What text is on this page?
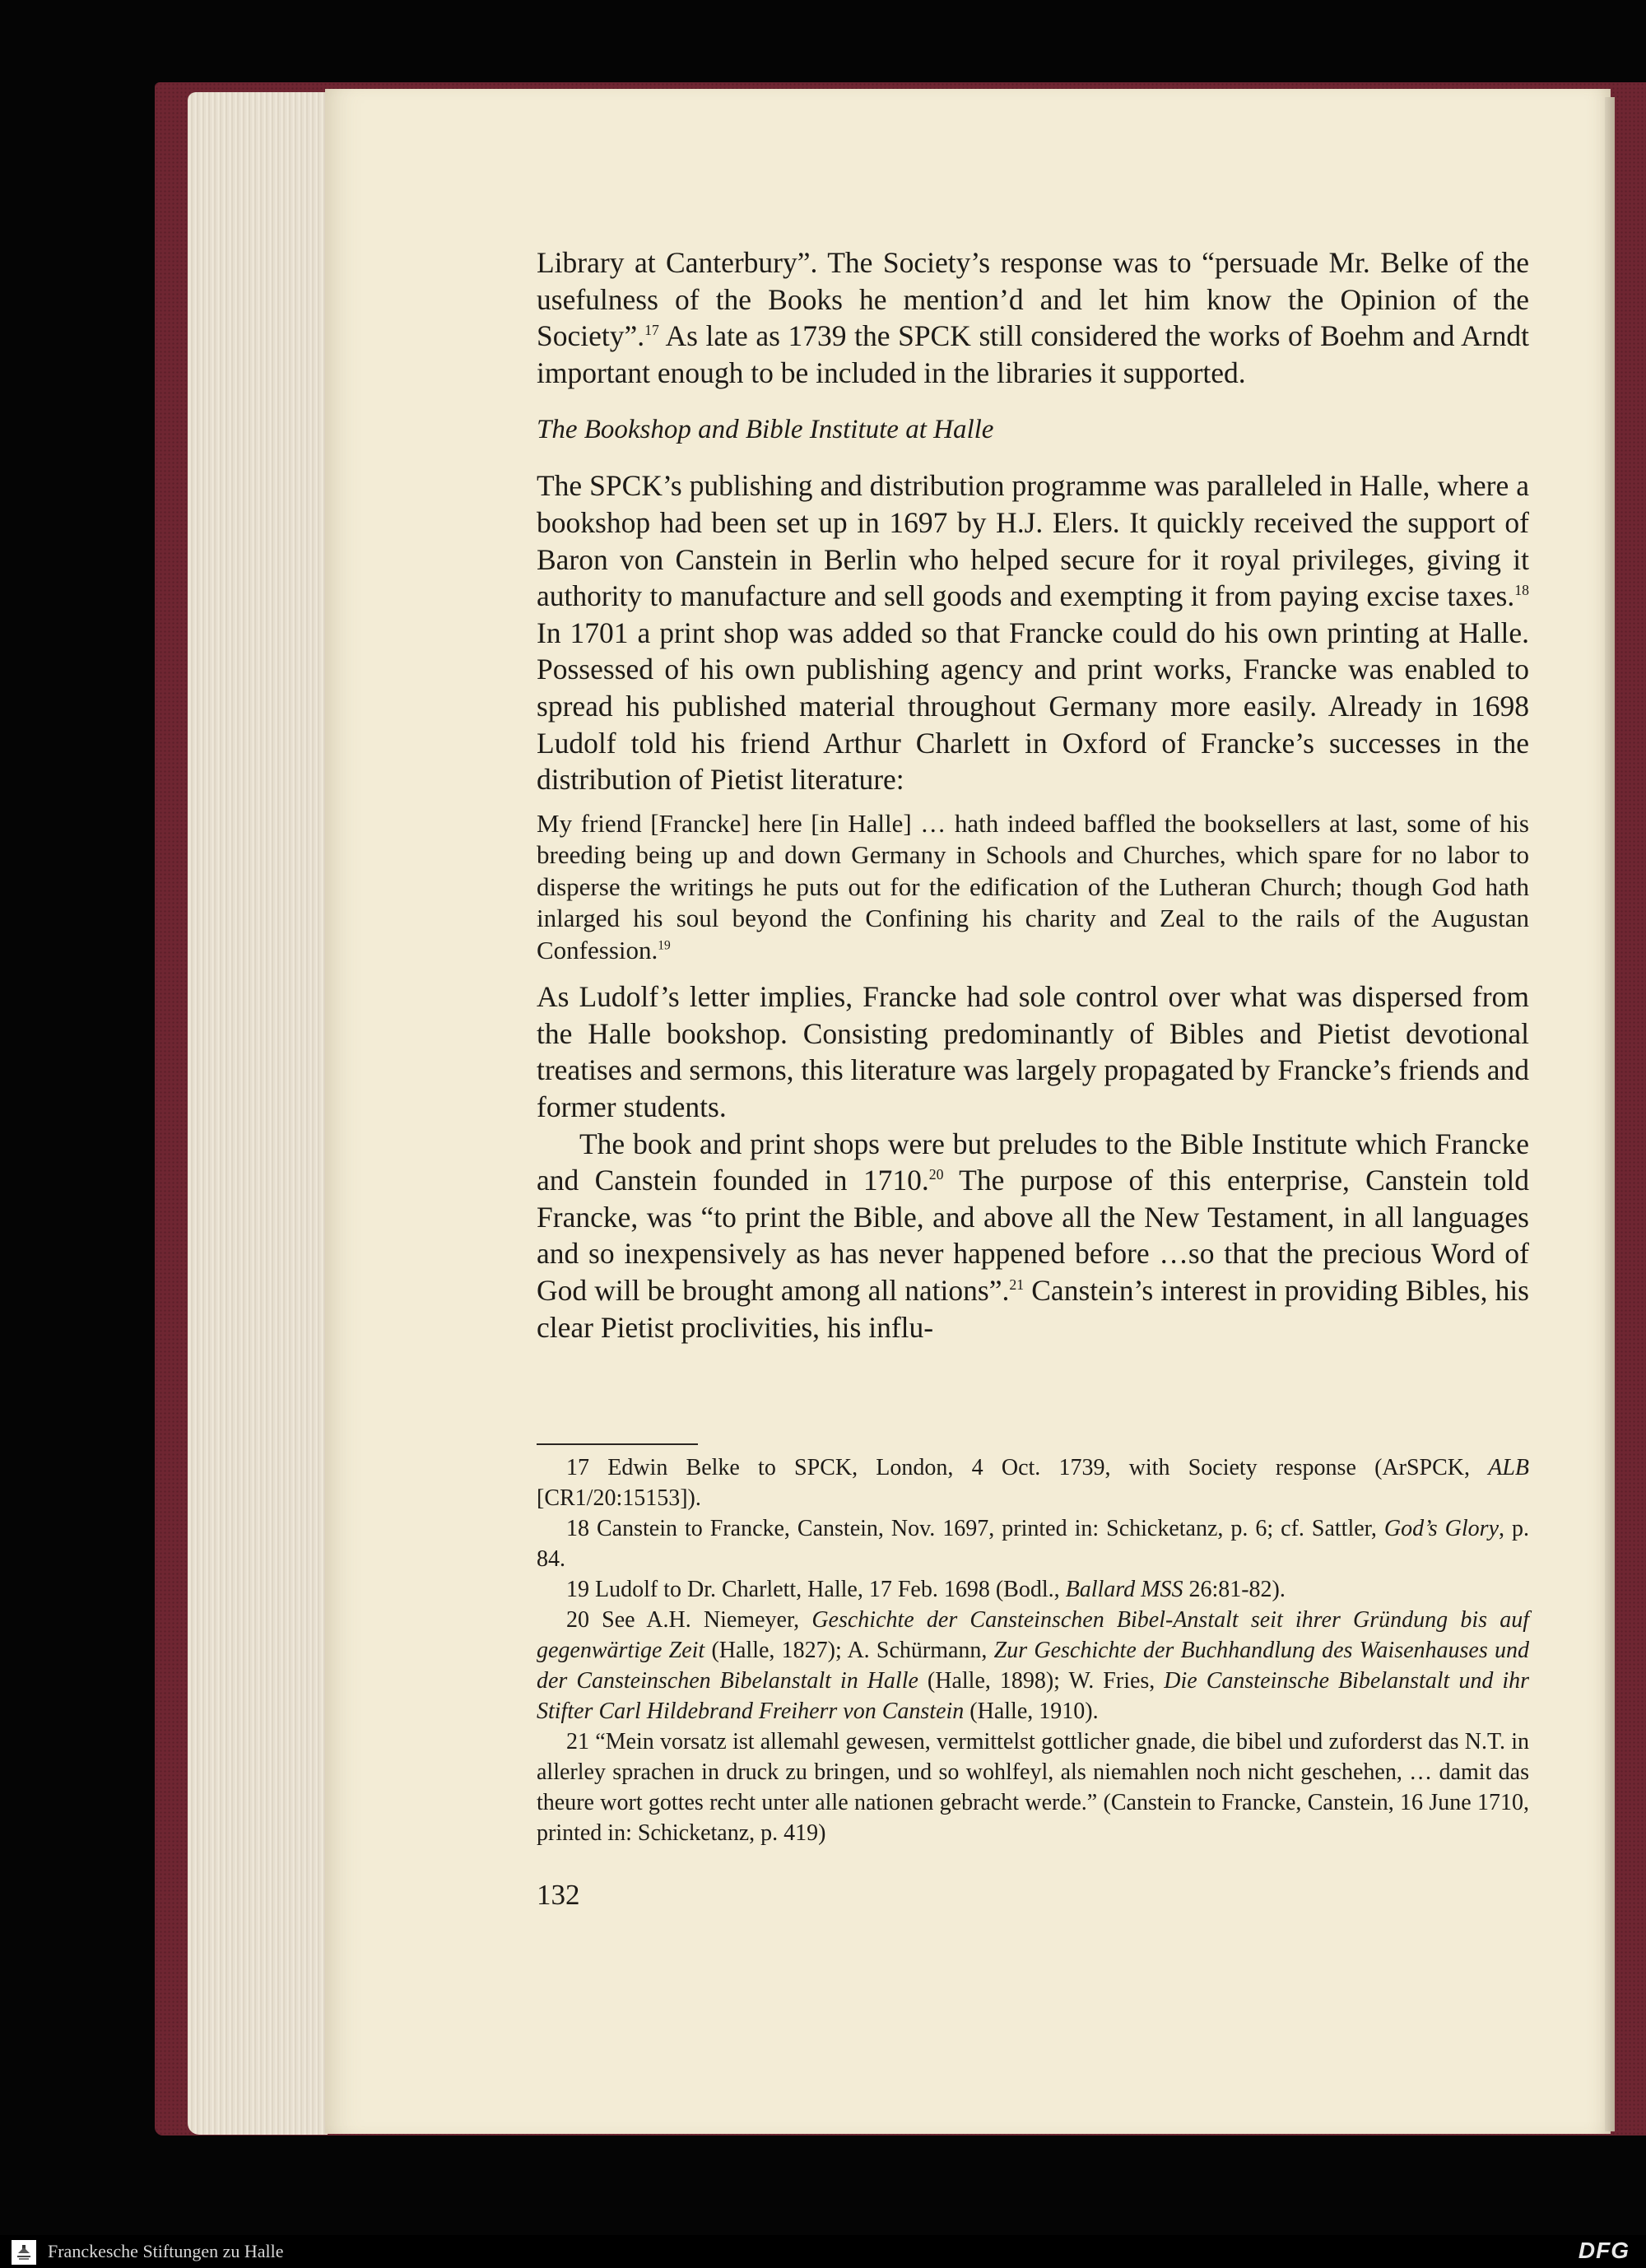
Library at Canterbury”. The Society’s response was to “persuade Mr. Belke of the usefulness of the Books he mention’d and let him know the Opinion of the Society”.$^{17}$ As late as 1739 the SPCK still considered the works of Boehm and Arndt important enough to be included in the libraries it supported.

The Bookshop and Bible Institute at Halle

The SPCK’s publishing and distribution programme was paralleled in Halle, where a bookshop had been set up in 1697 by H.J. Elers. It quickly received the support of Baron von Canstein in Berlin who helped secure for it royal privileges, giving it authority to manufacture and sell goods and exempting it from paying excise taxes.$^{18}$ In 1701 a print shop was added so that Francke could do his own printing at Halle. Possessed of his own publishing agency and print works, Francke was enabled to spread his published material throughout Germany more easily. Already in 1698 Ludolf told his friend Arthur Charlett in Oxford of Francke’s successes in the distribution of Pietist literature:

My friend [Francke] here [in Halle] … hath indeed baffled the booksellers at last, some of his breeding being up and down Germany in Schools and Churches, which spare for no labor to disperse the writings he puts out for the edification of the Lutheran Church; though God hath inlarged his soul beyond the Confining his charity and Zeal to the rails of the Augustan Confession.$^{19}$

As Ludolf’s letter implies, Francke had sole control over what was dispersed from the Halle bookshop. Consisting predominantly of Bibles and Pietist devotional treatises and sermons, this literature was largely propagated by Francke’s friends and former students.

The book and print shops were but preludes to the Bible Institute which Francke and Canstein founded in 1710.20 The purpose of this enterprise, Canstein told Francke, was “to print the Bible, and above all the New Testament, in all languages and so inexpensively as has never happened before …so that the precious Word of God will be brought among all nations”.$^{21}$ Canstein’s interest in providing Bibles, his clear Pietist proclivities, his influ-

17 Edwin Belke to SPCK, London, 4 Oct. 1739, with Society response (ArSPCK, ALB [CR1/20:15153]).

18 Canstein to Francke, Canstein, Nov. 1697, printed in: Schicketanz, p. 6; cf. Sattler, God’s Glory, p. 84.

19 Ludolf to Dr. Charlett, Halle, 17 Feb. 1698 (Bodl., Ballard MSS 26:81-82).

20 See A.H. Niemeyer, Geschichte der Cansteinschen Bibel-Anstalt seit ihrer Gründung bis auf gegenwärtige Zeit (Halle, 1827); A. Schürmann, Zur Geschichte der Buchhandlung des Waisenhauses und der Cansteinschen Bibelanstalt in Halle (Halle, 1898); W. Fries, Die Cansteinsche Bibelanstalt und ihr Stifter Carl Hildebrand Freiherr von Canstein (Halle, 1910).

21 “Mein vorsatz ist allemahl gewesen, vermittelst gottlicher gnade, die bibel und zuforderst das N.T. in allerley sprachen in druck zu bringen, und so wohlfeyl, als niemahlen noch nicht geschehen, … damit das theure wort gottes recht unter alle nationen gebracht werde.” (Canstein to Francke, Canstein, 16 June 1710, printed in: Schicketanz, p. 419)

132
Franckesche Stiftungen zu Halle	DFG
